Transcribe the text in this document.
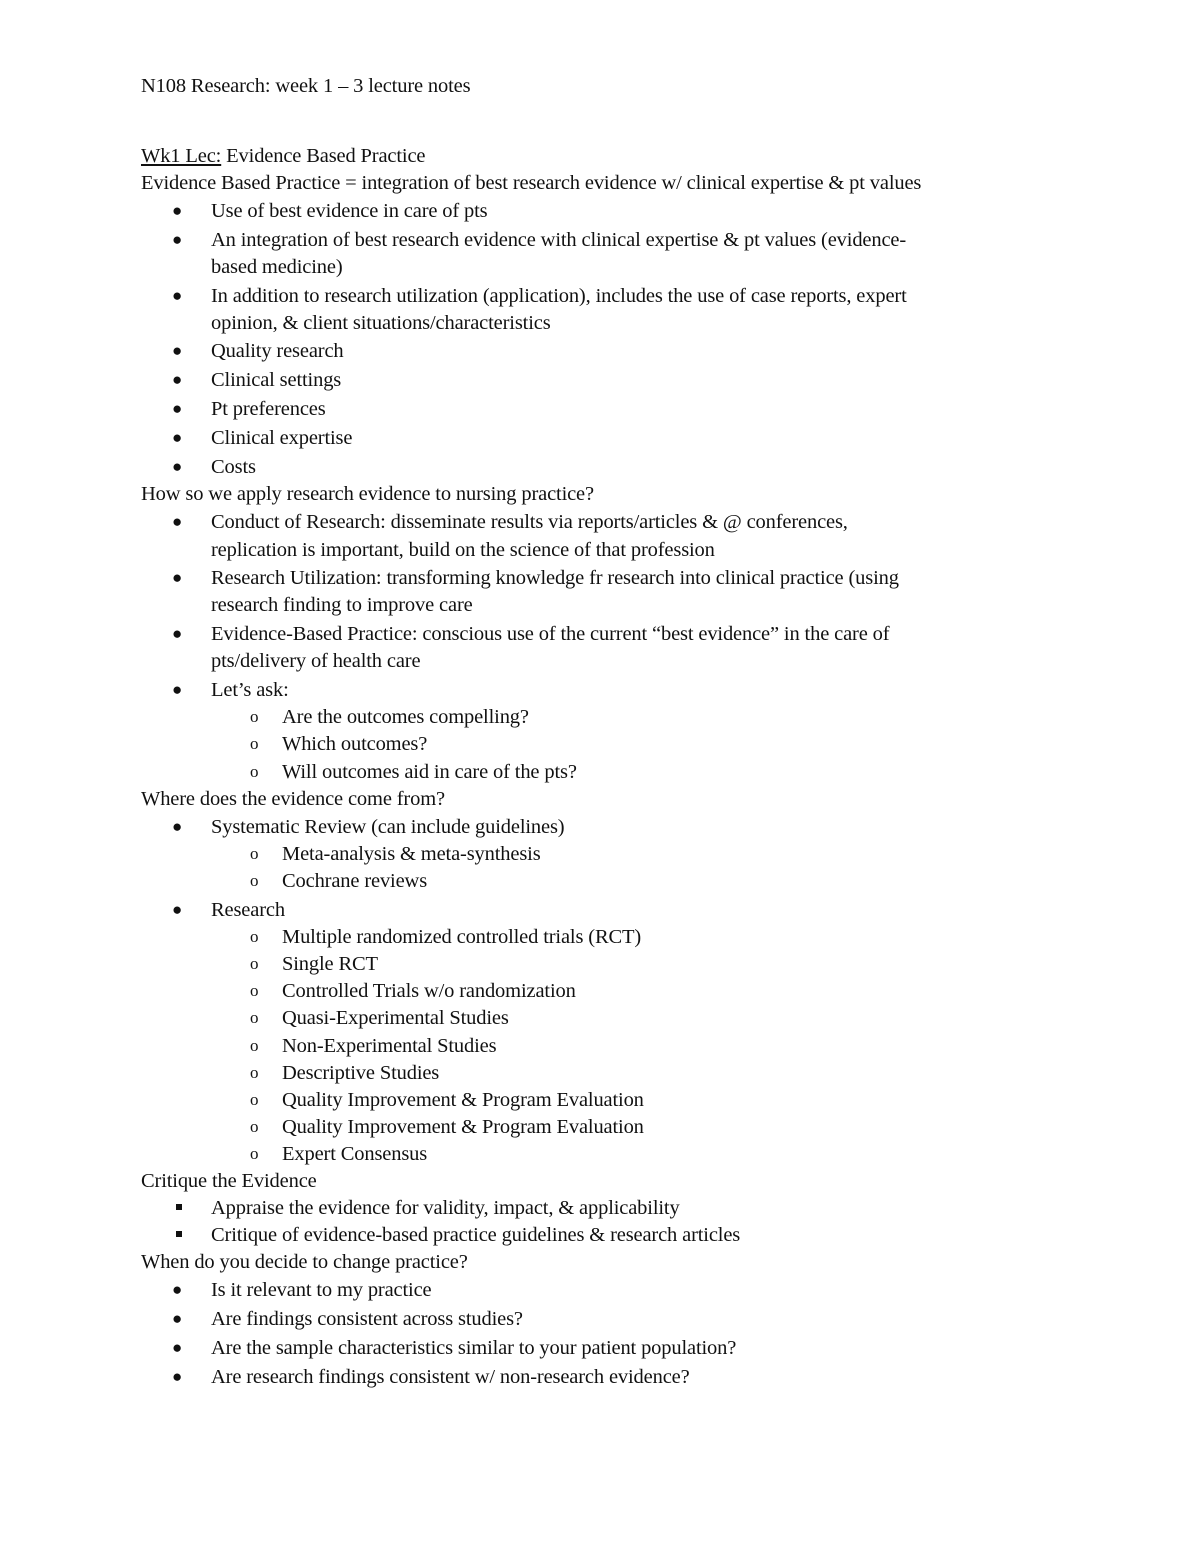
N108 Research: week 1 – 3 lecture notes
Wk1 Lec: Evidence Based Practice
Evidence Based Practice = integration of best research evidence w/ clinical expertise & pt values
● Use of best evidence in care of pts
● An integration of best research evidence with clinical expertise & pt values (evidence-
based medicine)
● In addition to research utilization (application), includes the use of case reports, expert
opinion, & client situations/characteristics
● Quality research
● Clinical settings
● Pt preferences
● Clinical expertise
● Costs
How so we apply research evidence to nursing practice?
● Conduct of Research: disseminate results via reports/articles & @ conferences,
replication is important, build on the science of that profession
● Research Utilization: transforming knowledge fr research into clinical practice (using
research finding to improve care
● Evidence-Based Practice: conscious use of the current “best evidence” in the care of
pts/delivery of health care
● Let’s ask:
o Are the outcomes compelling?
o Which outcomes?
o Will outcomes aid in care of the pts?
Where does the evidence come from?
● Systematic Review (can include guidelines)
o Meta-analysis & meta-synthesis
o Cochrane reviews
● Research
o Multiple randomized controlled trials (RCT)
o Single RCT
o Controlled Trials w/o randomization
o Quasi-Experimental Studies
o Non-Experimental Studies
o Descriptive Studies
o Quality Improvement & Program Evaluation
o Quality Improvement & Program Evaluation
o Expert Consensus
Critique the Evidence
Appraise the evidence for validity, impact, & applicability
Critique of evidence-based practice guidelines & research articles
When do you decide to change practice?
● Is it relevant to my practice
● Are findings consistent across studies?
● Are the sample characteristics similar to your patient population?
● Are research findings consistent w/ non-research evidence?
